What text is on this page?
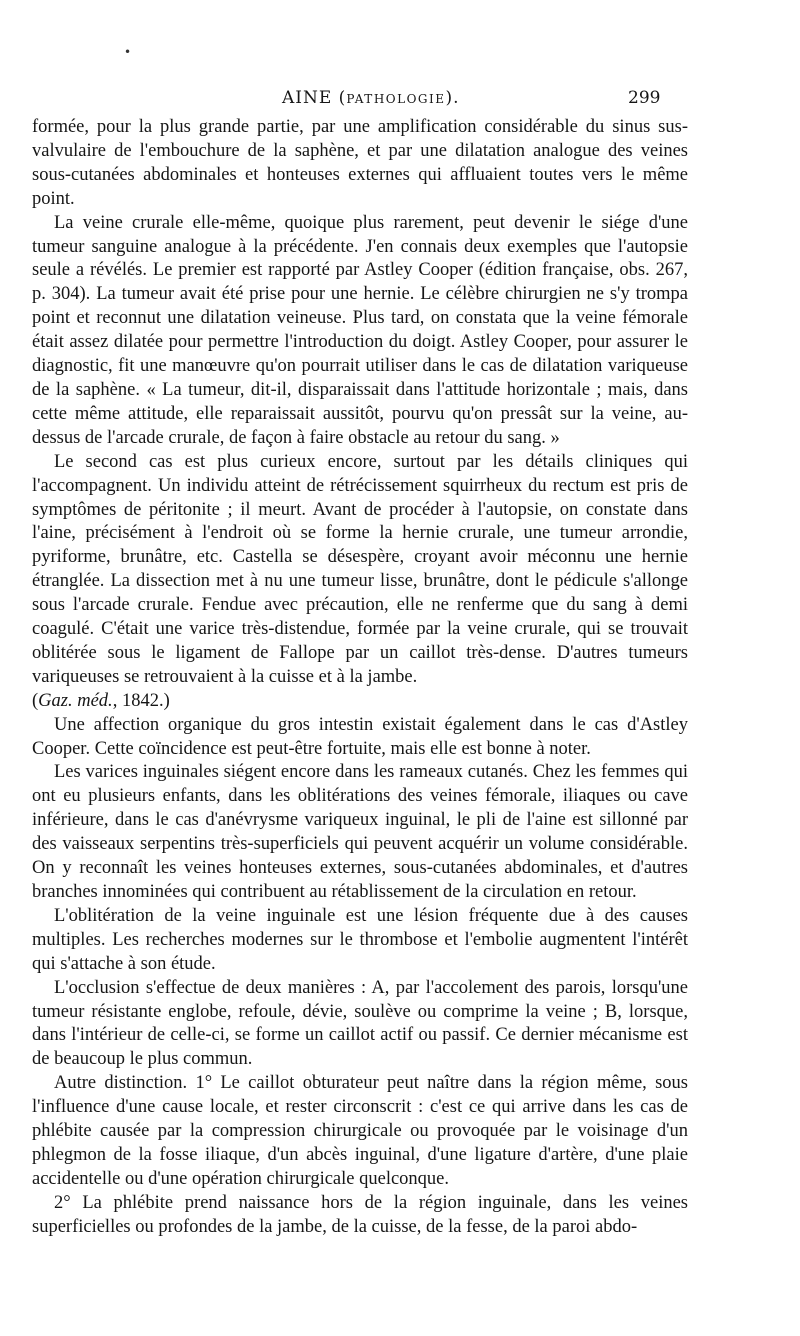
•
AINE (PATHOLOGIE).	299

formée, pour la plus grande partie, par une amplification considérable du sinus sus-valvulaire de l'embouchure de la saphène, et par une dilatation analogue des veines sous-cutanées abdominales et honteuses externes qui affluaient toutes vers le même point.

La veine crurale elle-même, quoique plus rarement, peut devenir le siége d'une tumeur sanguine analogue à la précédente. J'en connais deux exemples que l'autopsie seule a révélés. Le premier est rapporté par Astley Cooper (édition française, obs. 267, p. 304). La tumeur avait été prise pour une hernie. Le célèbre chirurgien ne s'y trompa point et reconnut une dilatation veineuse. Plus tard, on constata que la veine fémorale était assez dilatée pour permettre l'introduction du doigt. Astley Cooper, pour assurer le diagnostic, fit une manœuvre qu'on pourrait utiliser dans le cas de dilatation variqueuse de la saphène. « La tumeur, dit-il, disparaissait dans l'attitude horizontale ; mais, dans cette même attitude, elle reparaissait aussitôt, pourvu qu'on pressât sur la veine, au-dessus de l'arcade crurale, de façon à faire obstacle au retour du sang. »

Le second cas est plus curieux encore, surtout par les détails cliniques qui l'accompagnent. Un individu atteint de rétrécissement squirrheux du rectum est pris de symptômes de péritonite ; il meurt. Avant de procéder à l'autopsie, on constate dans l'aine, précisément à l'endroit où se forme la hernie crurale, une tumeur arrondie, pyriforme, brunâtre, etc. Castella se désespère, croyant avoir méconnu une hernie étranglée. La dissection met à nu une tumeur lisse, brunâtre, dont le pédicule s'allonge sous l'arcade crurale. Fendue avec précaution, elle ne renferme que du sang à demi coagulé. C'était une varice très-distendue, formée par la veine crurale, qui se trouvait oblitérée sous le ligament de Fallope par un caillot très-dense. D'autres tumeurs variqueuses se retrouvaient à la cuisse et à la jambe.
(Gaz. méd., 1842.)

Une affection organique du gros intestin existait également dans le cas d'Astley Cooper. Cette coïncidence est peut-être fortuite, mais elle est bonne à noter.

Les varices inguinales siégent encore dans les rameaux cutanés. Chez les femmes qui ont eu plusieurs enfants, dans les oblitérations des veines fémorale, iliaques ou cave inférieure, dans le cas d'anévrysme variqueux inguinal, le pli de l'aine est sillonné par des vaisseaux serpentins très-superficiels qui peuvent acquérir un volume considérable. On y reconnaît les veines honteuses externes, sous-cutanées abdominales, et d'autres branches innominées qui contribuent au rétablissement de la circulation en retour.

L'oblitération de la veine inguinale est une lésion fréquente due à des causes multiples. Les recherches modernes sur le thrombose et l'embolie augmentent l'intérêt qui s'attache à son étude.

L'occlusion s'effectue de deux manières : A, par l'accolement des parois, lorsqu'une tumeur résistante englobe, refoule, dévie, soulève ou comprime la veine ; B, lorsque, dans l'intérieur de celle-ci, se forme un caillot actif ou passif. Ce dernier mécanisme est de beaucoup le plus commun.

Autre distinction. 1° Le caillot obturateur peut naître dans la région même, sous l'influence d'une cause locale, et rester circonscrit : c'est ce qui arrive dans les cas de phlébite causée par la compression chirurgicale ou provoquée par le voisinage d'un phlegmon de la fosse iliaque, d'un abcès inguinal, d'une ligature d'artère, d'une plaie accidentelle ou d'une opération chirurgicale quelconque.

2° La phlébite prend naissance hors de la région inguinale, dans les veines superficielles ou profondes de la jambe, de la cuisse, de la fesse, de la paroi abdo-
